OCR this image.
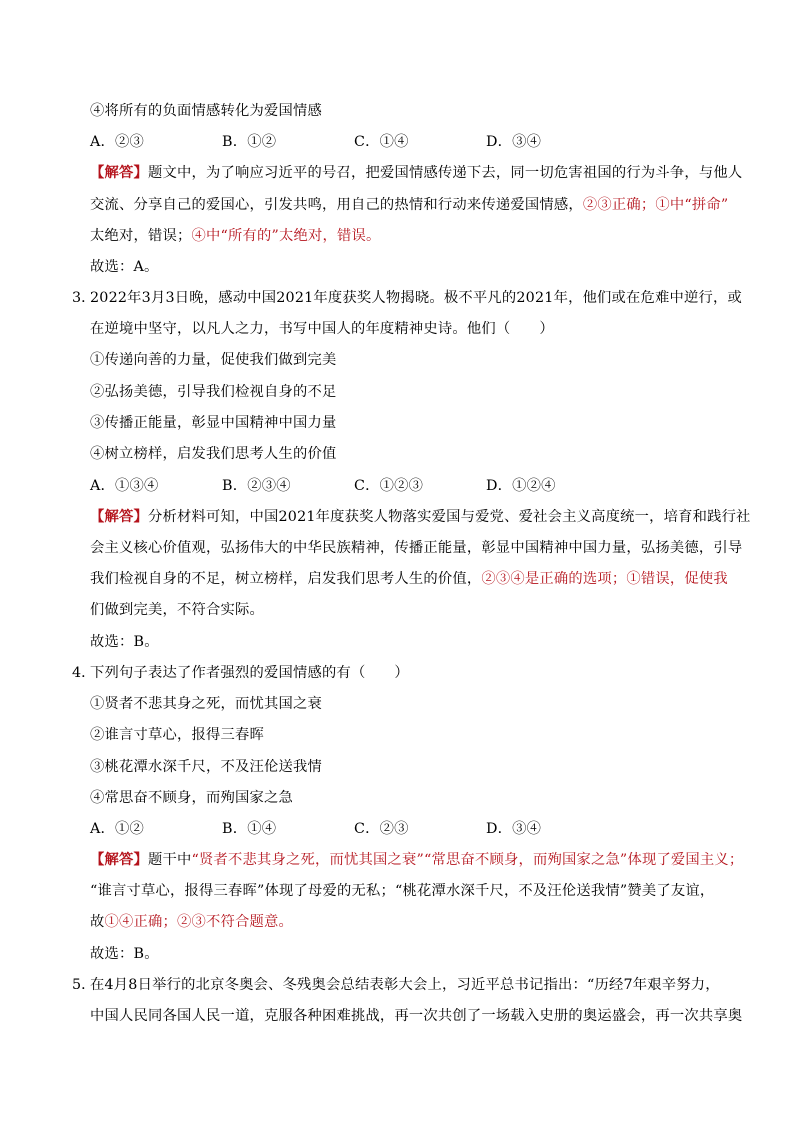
④将所有的负面情感转化为爱国情感
A．②③	B．①②	C．①④	D．③④
【解答】题文中，为了响应习近平的号召，把爱国情感传递下去，同一切危害祖国的行为斗争，与他人
交流、分享自己的爱国心，引发共鸣，用自己的热情和行动来传递爱国情感，②③正确；①中“拼命”
太绝对，错误；④中“所有的”太绝对，错误。
故选：A。
3．
2022年3月3日晚，感动中国2021年度获奖人物揭晓。极不平凡的2021年，他们或在危难中逆行，或
在逆境中坚守，以凡人之力，书写中国人的年度精神史诗。他们（　　）
①传递向善的力量，促使我们做到完美
②弘扬美德，引导我们检视自身的不足
③传播正能量，彰显中国精神中国力量
④树立榜样，启发我们思考人生的价值
A．①③④	B．②③④	C．①②③	D．①②④
【解答】分析材料可知，中国2021年度获奖人物落实爱国与爱党、爱社会主义高度统一，培育和践行社
会主义核心价值观，弘扬伟大的中华民族精神，传播正能量，彰显中国精神中国力量，弘扬美德，引导
我们检视自身的不足，树立榜样，启发我们思考人生的价值，②③④是正确的选项；①错误，促使我
们做到完美，不符合实际。
故选：B。
4．
下列句子表达了作者强烈的爱国情感的有（　　）
①贤者不悲其身之死，而忧其国之衰
②谁言寸草心，报得三春晖
③桃花潭水深千尺，不及汪伦送我情
④常思奋不顾身，而殉国家之急
A．①②	B．①④	C．②③	D．③④
【解答】题干中“贤者不悲其身之死，而忧其国之衰”“常思奋不顾身，而殉国家之急”体现了爱国主义；
“谁言寸草心，报得三春晖”体现了母爱的无私；“桃花潭水深千尺，不及汪伦送我情”赞美了友谊，
故①④正确；②③不符合题意。
故选：B。
5．
在4月8日举行的北京冬奥会、冬残奥会总结表彰大会上，习近平总书记指出：“历经7年艰辛努力，
中国人民同各国人民一道，克服各种困难挑战，再一次共创了一场载入史册的奥运盛会，再一次共享奥
